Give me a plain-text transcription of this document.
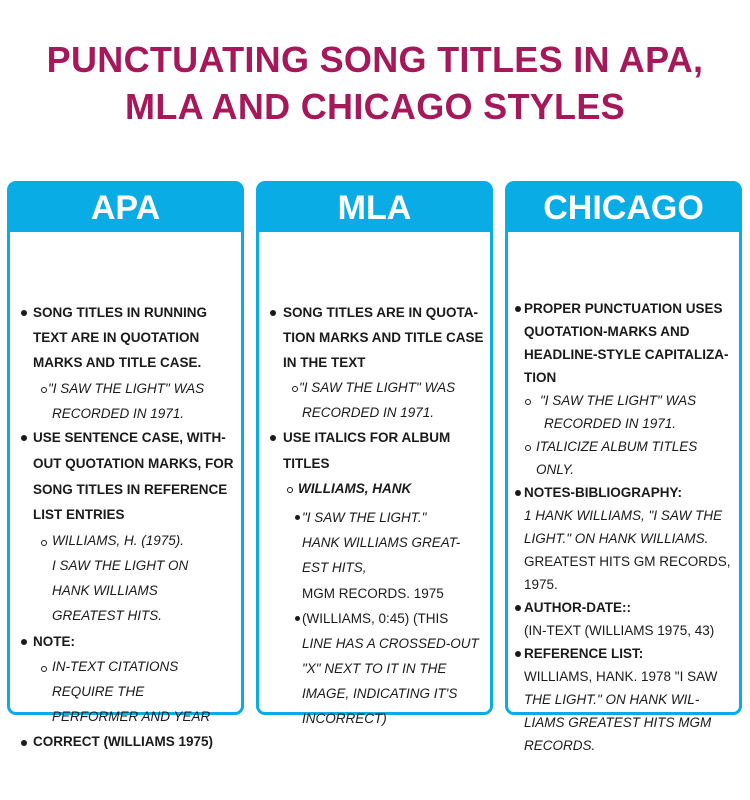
PUNCTUATING SONG TITLES IN APA,
MLA AND CHICAGO STYLES
APA

SONG TITLES IN RUNNING

TEXT ARE IN QUOTATION

MARKS AND TITLE CASE.

"I SAW THE LIGHT" WAS

RECORDED IN 1971.

USE SENTENCE CASE, WITH-

OUT QUOTATION MARKS, FOR

SONG TITLES IN REFERENCE

LIST ENTRIES

WILLIAMS, H. (1975).

I SAW THE LIGHT ON

HANK WILLIAMS

GREATEST HITS.

NOTE:

IN-TEXT CITATIONS

REQUIRE THE

PERFORMER AND YEAR

CORRECT (WILLIAMS 1975)

MLA

SONG TITLES ARE IN QUOTA-

TION MARKS AND TITLE CASE

IN THE TEXT

"I SAW THE LIGHT" WAS

RECORDED IN 1971.

USE ITALICS FOR ALBUM

TITLES

WILLIAMS, HANK

"I SAW THE LIGHT."

HANK WILLIAMS GREAT-

EST HITS,

MGM RECORDS. 1975

(WILLIAMS, 0:45) (THIS

LINE HAS A CROSSED-OUT

"X" NEXT TO IT IN THE

IMAGE, INDICATING IT'S

INCORRECT)

CHICAGO

PROPER PUNCTUATION USES

QUOTATION-MARKS AND

HEADLINE-STYLE CAPITALIZA-

TION

"I SAW THE LIGHT" WAS

RECORDED IN 1971.

ITALICIZE ALBUM TITLES

ONLY.

NOTES-BIBLIOGRAPHY:

1 HANK WILLIAMS, "I SAW THE

LIGHT." ON HANK WILLIAMS.

GREATEST HITS GM RECORDS,

1975.

AUTHOR-DATE::

(IN-TEXT (WILLIAMS 1975, 43)

REFERENCE LIST:

WILLIAMS, HANK. 1978 "I SAW

THE LIGHT." ON HANK WIL-

LIAMS GREATEST HITS MGM

RECORDS.
